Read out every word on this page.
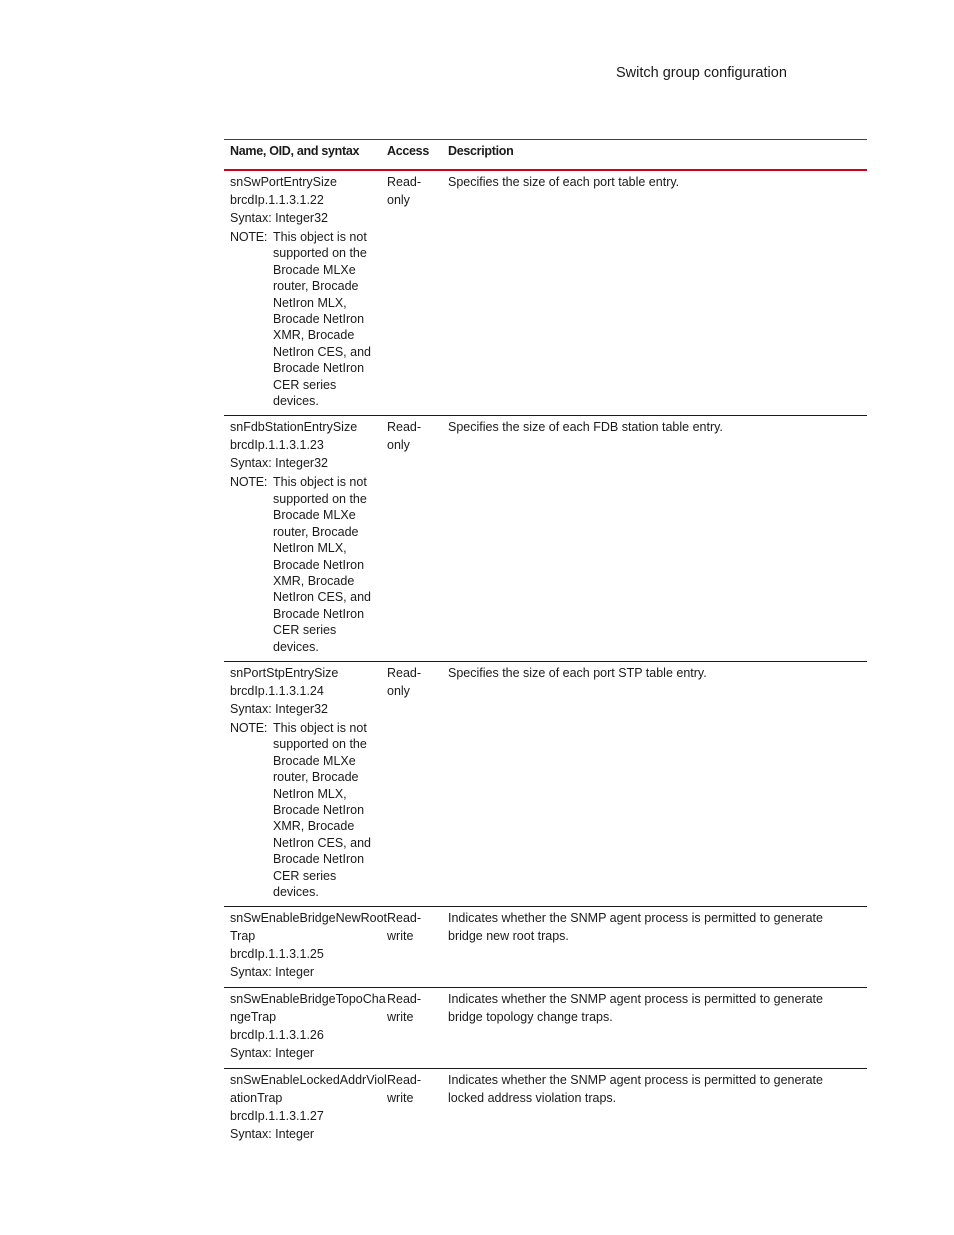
Switch group configuration
Name, OID, and syntax	Access	Description

snSwPortEntrySize
brcdIp.1.1.3.1.22
Syntax: Integer32
NOTE: This object is not supported on the Brocade MLXe router, Brocade NetIron MLX, Brocade NetIron XMR, Brocade NetIron CES, and Brocade NetIron CER series devices.	Read-only	Specifies the size of each port table entry.

snFdbStationEntrySize
brcdIp.1.1.3.1.23
Syntax: Integer32
NOTE: This object is not supported on the Brocade MLXe router, Brocade NetIron MLX, Brocade NetIron XMR, Brocade NetIron CES, and Brocade NetIron CER series devices.	Read-only	Specifies the size of each FDB station table entry.

snPortStpEntrySize
brcdIp.1.1.3.1.24
Syntax: Integer32
NOTE: This object is not supported on the Brocade MLXe router, Brocade NetIron MLX, Brocade NetIron XMR, Brocade NetIron CES, and Brocade NetIron CER series devices.	Read-only	Specifies the size of each port STP table entry.

snSwEnableBridgeNewRoot
Trap
brcdIp.1.1.3.1.25
Syntax: Integer	Read-write	Indicates whether the SNMP agent process is permitted to generate bridge new root traps.

snSwEnableBridgeTopoCha
ngeTrap
brcdIp.1.1.3.1.26
Syntax: Integer	Read-write	Indicates whether the SNMP agent process is permitted to generate bridge topology change traps.

snSwEnableLockedAddrViol
ationTrap
brcdIp.1.1.3.1.27
Syntax: Integer	Read-write	Indicates whether the SNMP agent process is permitted to generate locked address violation traps.
